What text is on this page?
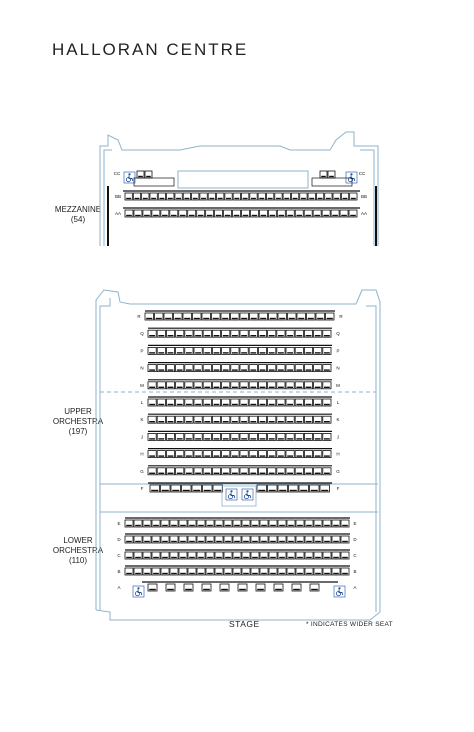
HALLORAN CENTRE
MEZZANINE
(54)
UPPER
ORCHESTRA
(197)
LOWER
ORCHESTRA
(110)
STAGE	* INDICATES WIDER SEAT
CC	CC
BB	BB
AA	AA
R	R
Q	Q
P	P
N	N
M	M
L	L
K	K
J	J
H	H
G	G
F	F
E	E
D	D
C	C
B	B
A	A
